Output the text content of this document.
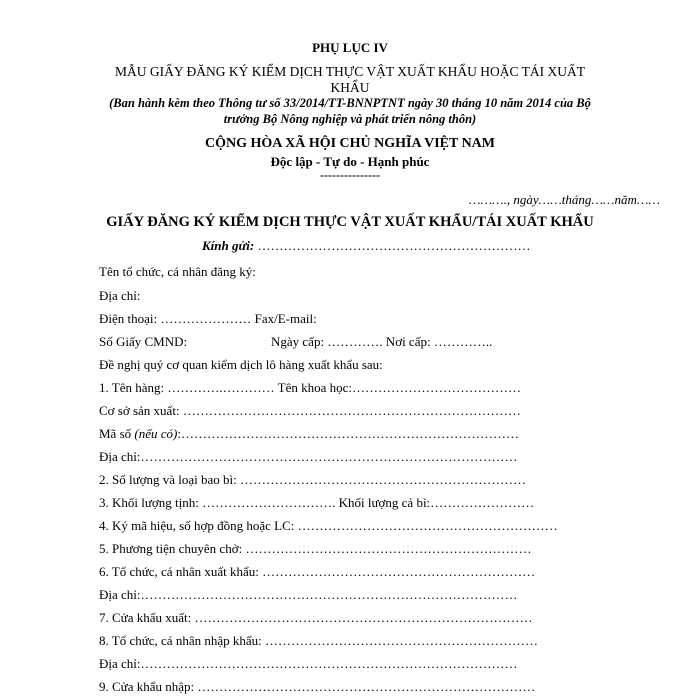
PHỤ LỤC IV
MẪU GIẤY ĐĂNG KÝ KIỂM DỊCH THỰC VẬT XUẤT KHẨU HOẶC TÁI XUẤT
KHẨU
(Ban hành kèm theo Thông tư số 33/2014/TT-BNNPTNT ngày 30 tháng 10 năm 2014 của Bộ
trưởng Bộ Nông nghiệp và phát triển nông thôn)
CỘNG HÒA XÃ HỘI CHỦ NGHĨA VIỆT NAM
Độc lập - Tự do - Hạnh phúc
---------------
………., ngày……tháng……năm……
GIẤY ĐĂNG KÝ KIỂM DỊCH THỰC VẬT XUẤT KHẨU/TÁI XUẤT KHẨU
Kính gửi: ………………………………………………………
Tên tổ chức, cá nhân đăng ký:
Địa chỉ:
Điện thoại: ………………… Fax/E-mail:
Số Giấy CMND:	Ngày cấp: …………. Nơi cấp: …………..
Đề nghị quý cơ quan kiểm dịch lô hàng xuất khẩu sau:
1. Tên hàng: ………….………… Tên khoa học:…………………………………
Cơ sở sản xuất: ……………………………………………………………………
Mã số (nếu có):……………………………………………………………………
Địa chỉ:……………………………………………………………………………
2. Số lượng và loại bao bì: …………………………………………………………
3. Khối lượng tịnh: …………………………. Khối lượng cả bì:……………………
4. Ký mã hiệu, số hợp đồng hoặc LC: ……………………………………………………
5. Phương tiện chuyên chở: …………………………………………………………
6. Tổ chức, cá nhân xuất khẩu: ………………………………………………………
Địa chỉ:……………………………………………………………………………
7. Cửa khẩu xuất: ……………………………………………………………………
8. Tổ chức, cá nhân nhập khẩu: ………………………………………………………
Địa chỉ:……………………………………………………………………………
9. Cửa khẩu nhập: ……………………………………………………………………
